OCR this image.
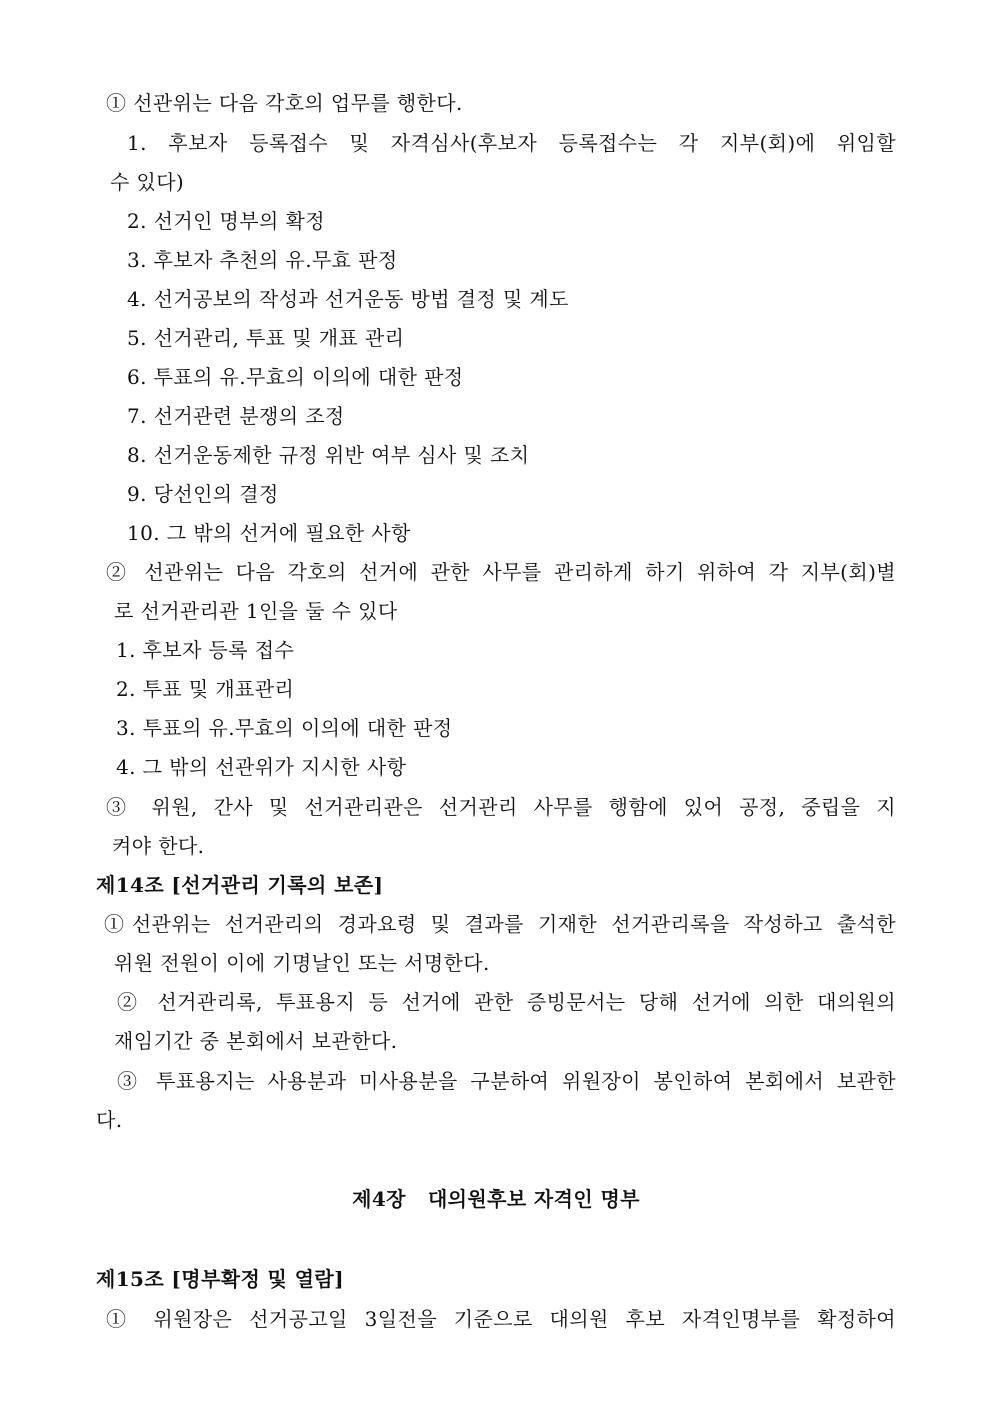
① 선관위는 다음 각호의 업무를 행한다.
1. 후보자 등록접수 및 자격심사(후보자 등록접수는 각 지부(회)에 위임할
수 있다)
2. 선거인 명부의 확정
3. 후보자 추천의 유.무효 판정
4. 선거공보의 작성과 선거운동 방법 결정 및 계도
5. 선거관리, 투표 및 개표 관리
6. 투표의 유.무효의 이의에 대한 판정
7. 선거관련 분쟁의 조정
8. 선거운동제한 규정 위반 여부 심사 및 조치
9. 당선인의 결정
10. 그 밖의 선거에 필요한 사항
② 선관위는 다음 각호의 선거에 관한 사무를 관리하게 하기 위하여 각 지부(회)별
로 선거관리관 1인을 둘 수 있다
1. 후보자 등록 접수
2. 투표 및 개표관리
3. 투표의 유.무효의 이의에 대한 판정
4. 그 밖의 선관위가 지시한 사항
③ 위원, 간사 및 선거관리관은 선거관리 사무를 행함에 있어 공정, 중립을 지
켜야 한다.
제14조 [선거관리 기록의 보존]
①선관위는 선거관리의 경과요령 및 결과를 기재한 선거관리록을 작성하고 출석한
위원 전원이 이에 기명날인 또는 서명한다.
② 선거관리록, 투표용지 등 선거에 관한 증빙문서는 당해 선거에 의한 대의원의
재임기간 중 본회에서 보관한다.
③ 투표용지는 사용분과 미사용분을 구분하여 위원장이 봉인하여 본회에서 보관한
다.
제4장   대의원후보 자격인 명부
제15조 [명부확정 및 열람]
① 위원장은 선거공고일 3일전을 기준으로 대의원 후보 자격인명부를 확정하여
